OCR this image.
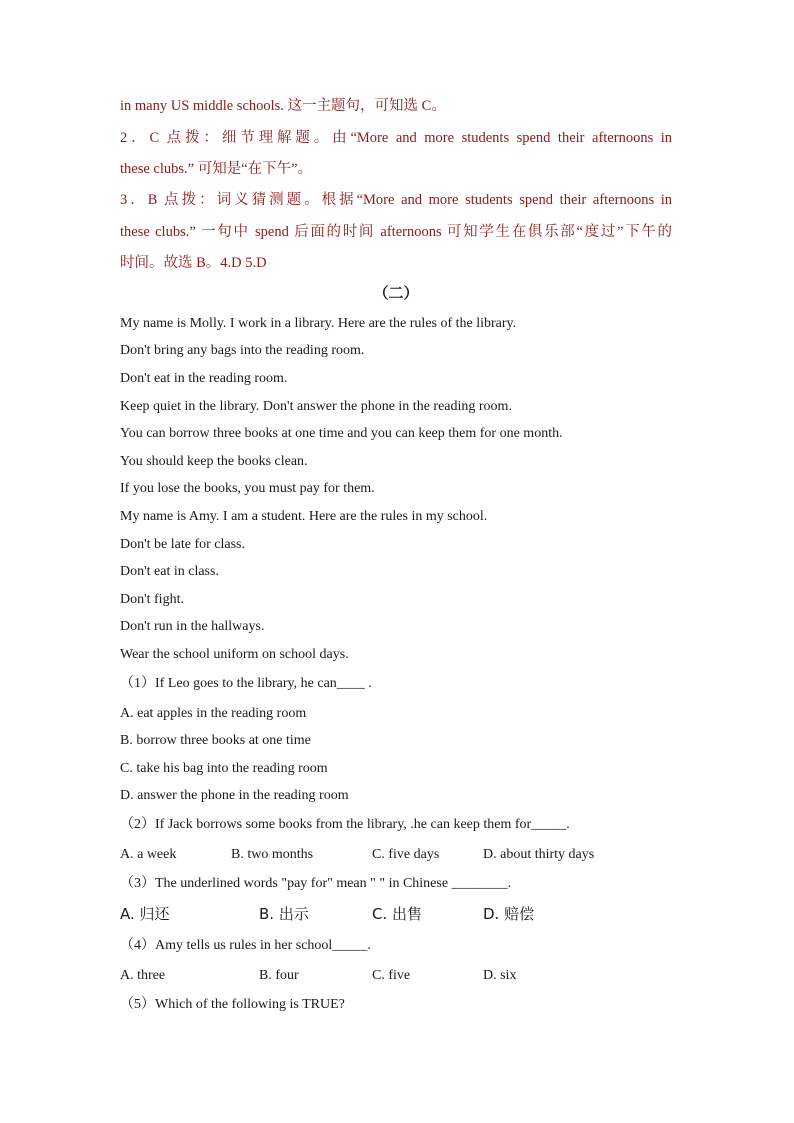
in many US middle schools. 这一主题句，可知选 C。
2．C 点拨：细节理解题。由“More and more students spend their afternoons in
these clubs.” 可知是“在下午”。
3．B 点拨：词义猜测题。根据“More and more students spend their afternoons in
these clubs.” 一句中 spend 后面的时间 afternoons 可知学生在俱乐部“度过”下午的
时间。故选 B。4.D 5.D
（二）
My name is Molly. I work in a library. Here are the rules of the library.
Don't bring any bags into the reading room.
Don't eat in the reading room.
Keep quiet in the library. Don't answer the phone in the reading room.
You can borrow three books at one time and you can keep them for one month.
You should keep the books clean.
If you lose the books, you must pay for them.
My name is Amy. I am a student. Here are the rules in my school.
Don't be late for class.
Don't eat in class.
Don't fight.
Don't run in the hallways.
Wear the school uniform on school days.
（1）If Leo goes to the library, he can____ .
A. eat apples in the reading room
B. borrow three books at one time
C. take his bag into the reading room
D. answer the phone in the reading room
（2）If Jack borrows some books from the library, .he can keep them for_____.
A. a week	B. two months	C. five days	D. about thirty days
（3）The underlined words "pay for" mean " " in Chinese ________.
A. 归还	B. 出示	C. 出售	D. 赔偿
（4）Amy tells us rules in her school_____.
A. three	B. four	C. five	D. six
（5）Which of the following is TRUE?
